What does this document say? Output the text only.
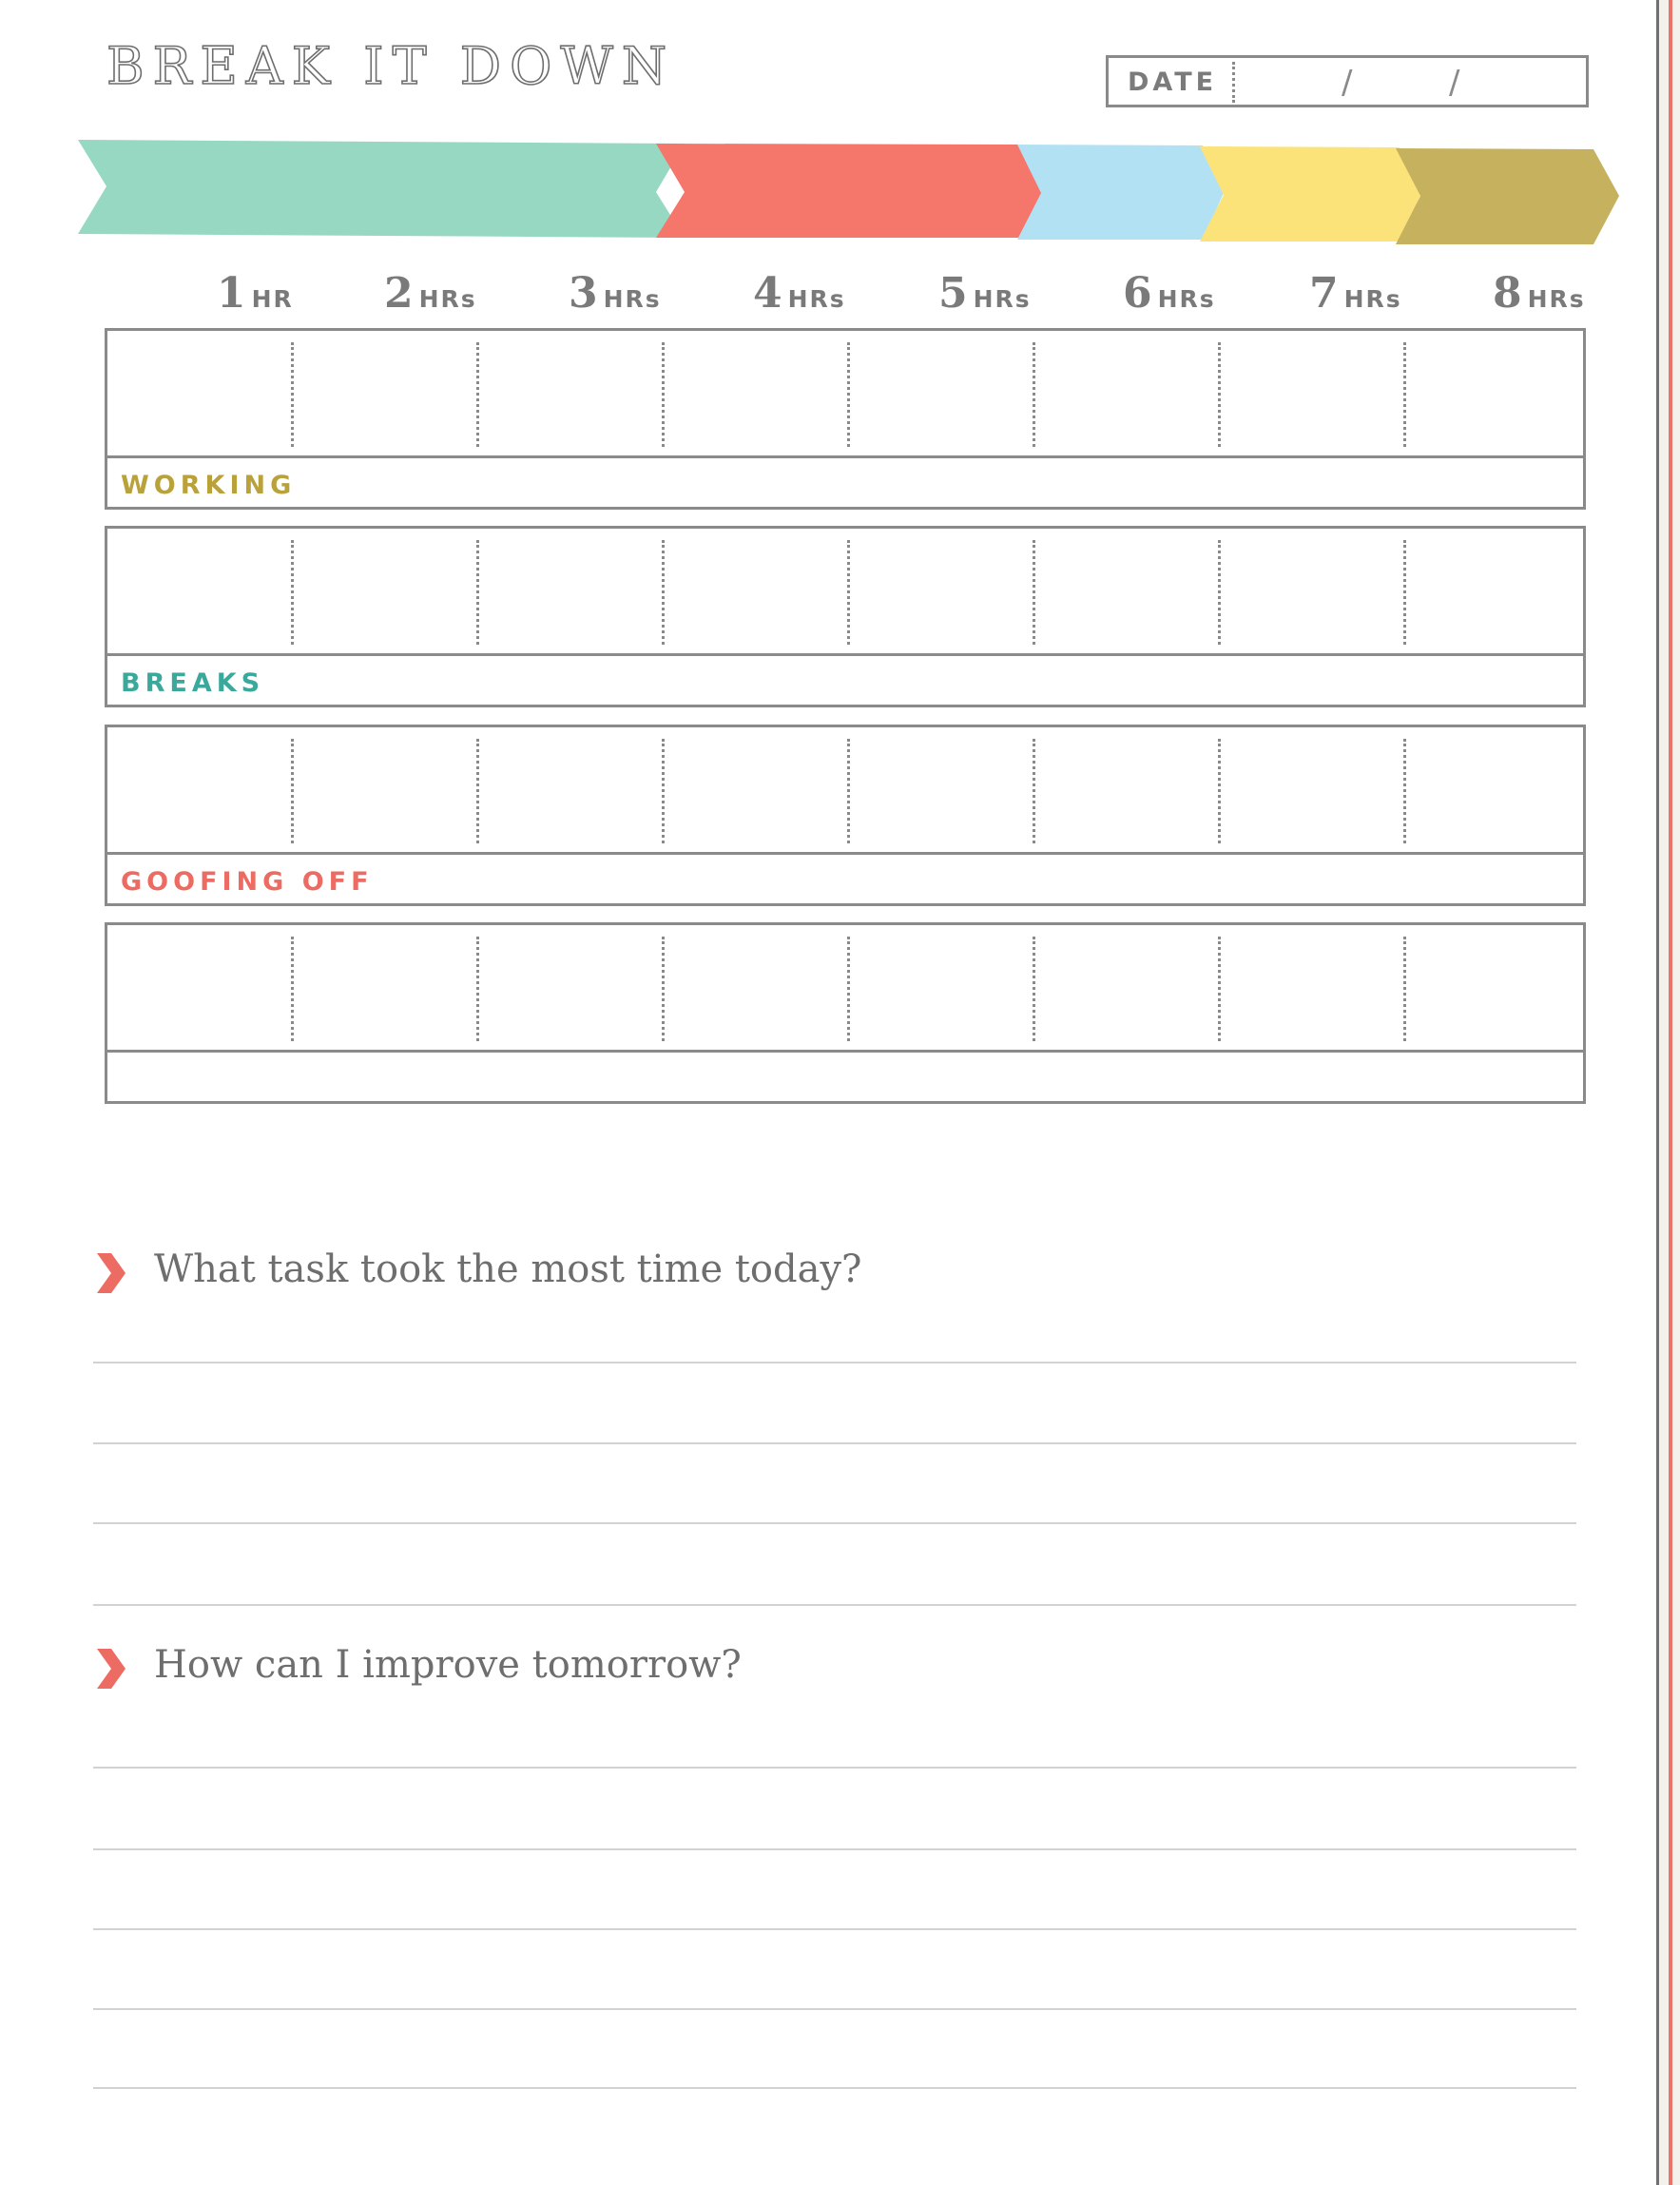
BREAK IT DOWN	DATE	/	/
1 HR 2 HRs 3 HRs 4 HRs 5 HRs 6 HRs 7 HRs 8 HRs
WORKING
BREAKS
GOOFING OFF
What task took the most time today?
How can I improve tomorrow?
